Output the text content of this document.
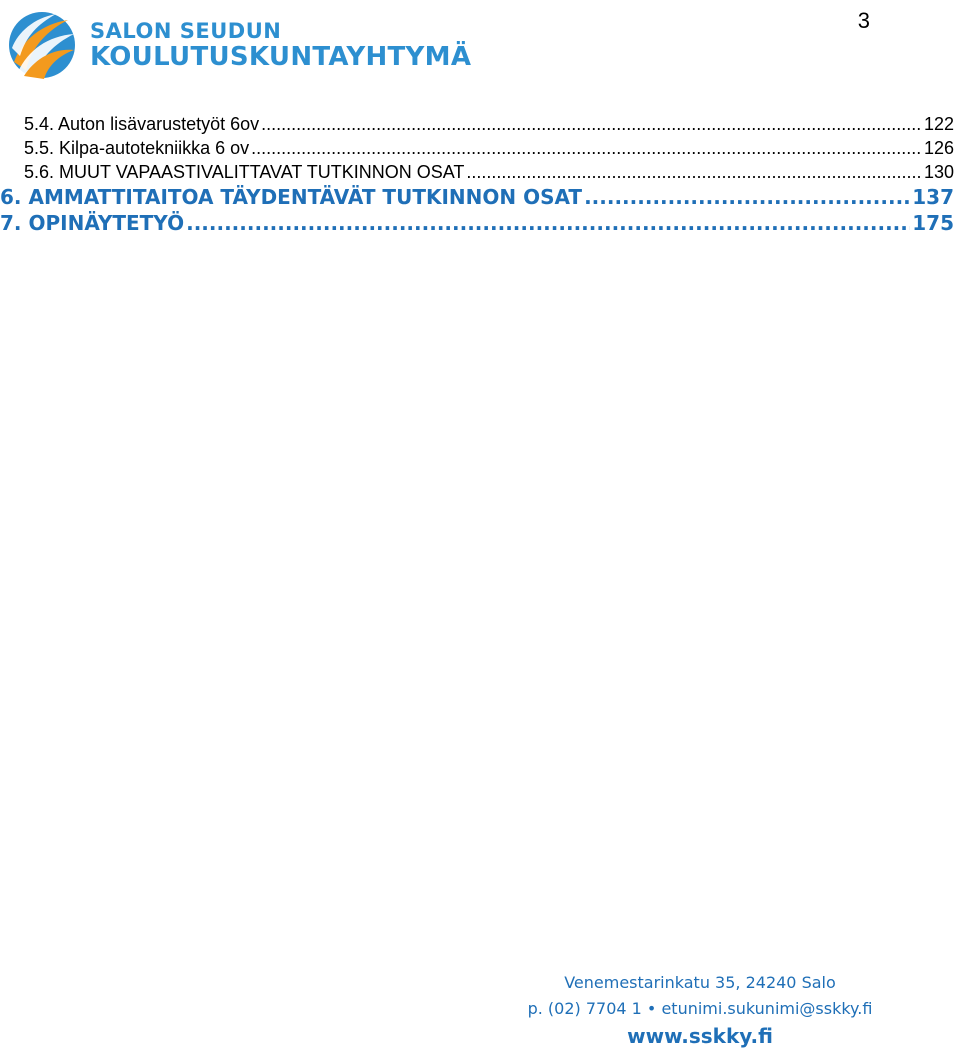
3
SALON SEUDUN
KOULUTUSKUNTAYHTYMÄ
5.4. Auton lisävarustetyöt 6ov .....	122
5.5. Kilpa-autotekniikka 6 ov .....	126
5.6. MUUT VAPAASTIVALITTAVAT TUTKINNON OSAT .....	130
6. AMMATTITAITOA TÄYDENTÄVÄT TUTKINNON OSAT .....	137
7. OPINÄYTETYÖ .....	175
Venemestarinkatu 35, 24240 Salo
p. (02) 7704 1 • etunimi.sukunimi@sskky.fi
www.sskky.fi
